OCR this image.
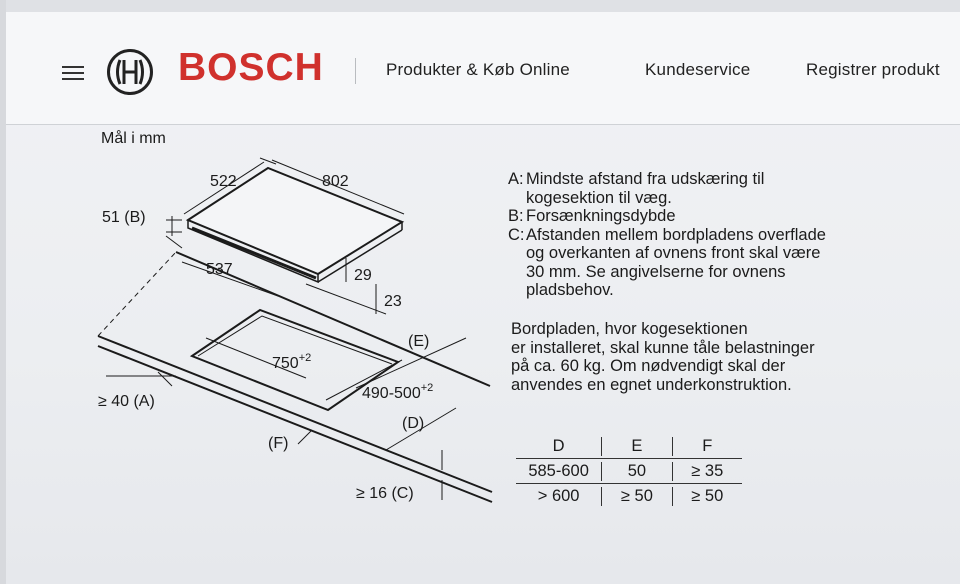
BOSCH	Produkter & Køb Online	Kundeservice	Registrer produkt
Mål i mm
522	802
51 (B)
537	29
23
$750^{+2}$
$490-500^{+2}$
(E)
(D)
(F)
≥ 40 (A)
≥ 16 (C)
A: Mindste afstand fra udskæring til
kogesektion til væg.
B: Forsænkningsdybde
C: Afstanden mellem bordpladens overflade
og overkanten af ovnens front skal være
30 mm. Se angivelserne for ovnens
pladsbehov.
Bordpladen, hvor kogesektionen
er installeret, skal kunne tåle belastninger
på ca. 60 kg. Om nødvendigt skal der
anvendes en egnet underkonstruktion.
D	E	F
585-600	50	≥ 35
> 600	≥ 50	≥ 50
